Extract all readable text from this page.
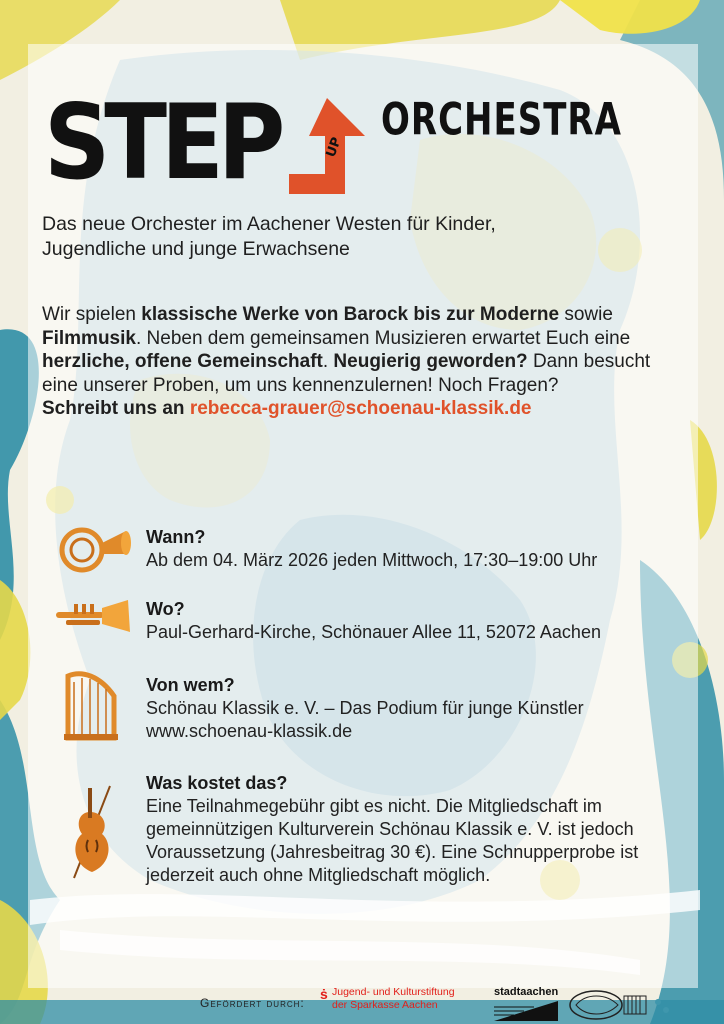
STEP	UP
ORCHESTRA
Das neue Orchester im Aachener Westen für Kinder, Jugendliche und junge Erwachsene
Wir spielen klassische Werke von Barock bis zur Moderne sowie Filmmusik. Neben dem gemeinsamen Musizieren erwartet Euch eine herzliche, offene Gemeinschaft. Neugierig geworden? Dann besucht eine unserer Proben, um uns kennenzulernen! Noch Fragen?
Schreibt uns an rebecca-grauer@schoenau-klassik.de
Wann?
Ab dem 04. März 2026 jeden Mittwoch, 17:30–19:00 Uhr
Wo?
Paul-Gerhard-Kirche, Schönauer Allee 11, 52072 Aachen
Von wem?
Schönau Klassik e. V. – Das Podium für junge Künstler
www.schoenau-klassik.de
Was kostet das?
Eine Teilnahmegebühr gibt es nicht. Die Mitgliedschaft im gemeinnützigen Kulturverein Schönau Klassik e. V. ist jedoch Voraussetzung (Jahresbeitrag 30 €). Eine Schnupperprobe ist jederzeit auch ohne Mitgliedschaft möglich.
Gefördert durch:
ṡ Jugend- und Kulturstiftung
der Sparkasse Aachen
stadtaachen
